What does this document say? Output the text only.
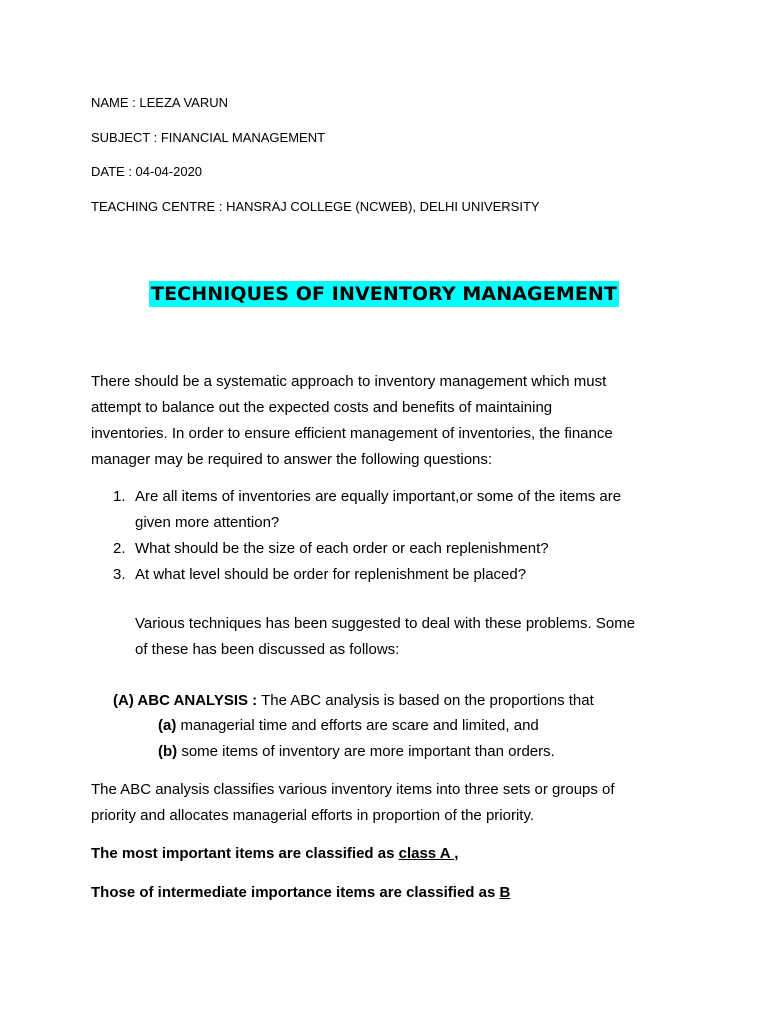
NAME : LEEZA VARUN
SUBJECT : FINANCIAL MANAGEMENT
DATE : 04-04-2020
TEACHING CENTRE : HANSRAJ COLLEGE (NCWEB), DELHI UNIVERSITY
TECHNIQUES OF INVENTORY MANAGEMENT

There should be a systematic approach to inventory management which must

attempt to balance out the expected costs and benefits of maintaining

inventories. In order to ensure efficient management of inventories, the finance

manager may be required to answer the following questions:

1. Are all items of inventories are equally important,or some of the items are

given more attention?

2. What should be the size of each order or each replenishment?

3. At what level should be order for replenishment be placed?

Various techniques has been suggested to deal with these problems. Some

of these has been discussed as follows:

(A) ABC ANALYSIS : The ABC analysis is based on the proportions that
(a) managerial time and efforts are scare and limited, and
(b) some items of inventory are more important than orders.

The ABC analysis classifies various inventory items into three sets or groups of

priority and allocates managerial efforts in proportion of the priority.

The most important items are classified as class A ,
Those of intermediate importance items are classified as B
